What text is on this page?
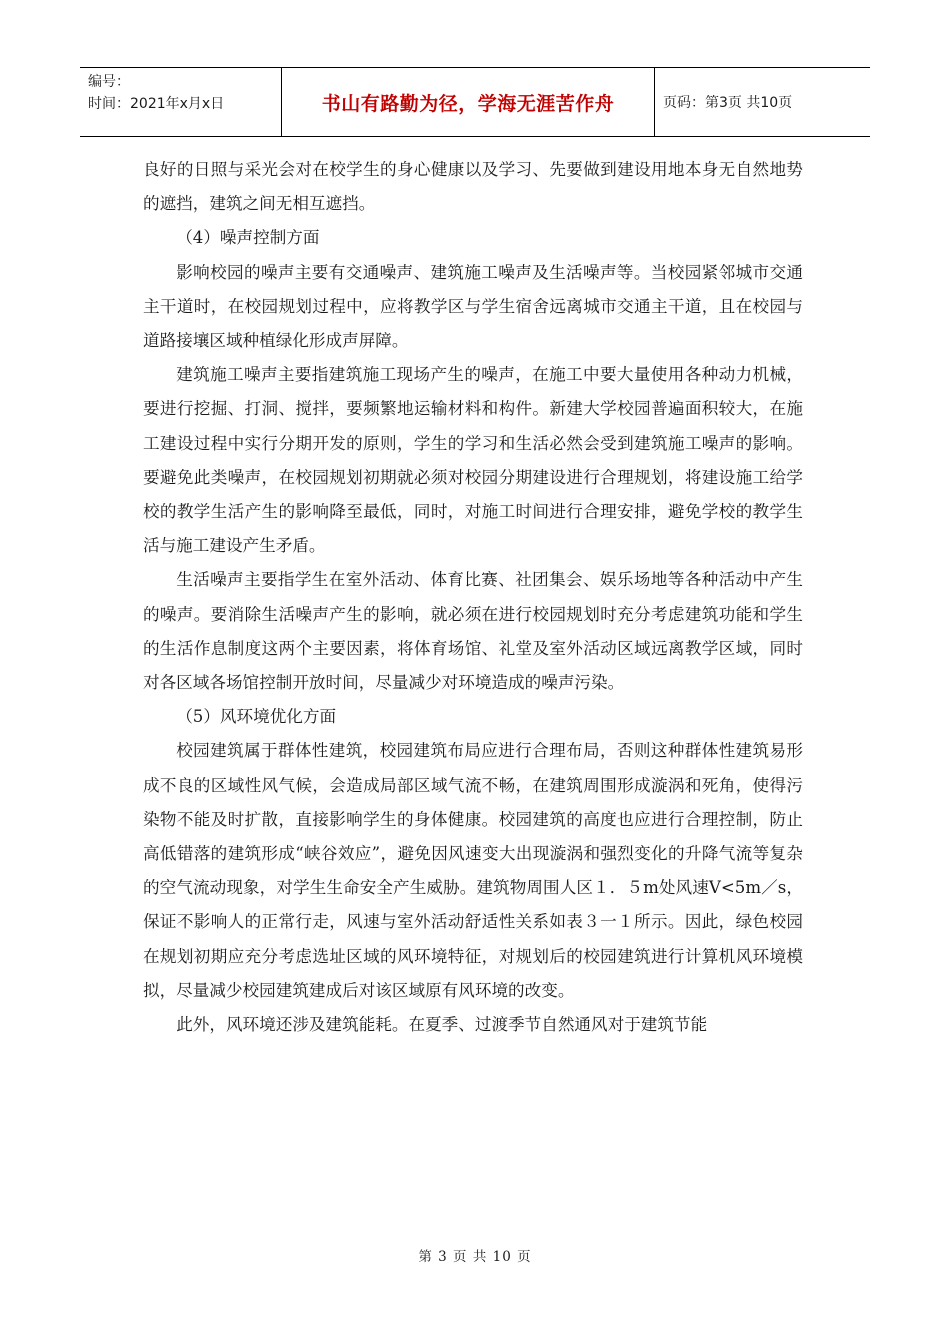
编号：
时间：2021年x月x日	书山有路勤为径，学海无涯苦作舟	页码：第3页 共10页

良好的日照与采光会对在校学生的身心健康以及学习、先要做到建设用地本身无自然地势的遮挡，建筑之间无相互遮挡。

（4）噪声控制方面

影响校园的噪声主要有交通噪声、建筑施工噪声及生活噪声等。当校园紧邻城市交通主干道时，在校园规划过程中，应将教学区与学生宿舍远离城市交通主干道，且在校园与道路接壤区域种植绿化形成声屏障。

建筑施工噪声主要指建筑施工现场产生的噪声，在施工中要大量使用各种动力机械，要进行挖掘、打洞、搅拌，要频繁地运输材料和构件。新建大学校园普遍面积较大，在施工建设过程中实行分期开发的原则，学生的学习和生活必然会受到建筑施工噪声的影响。要避免此类噪声，在校园规划初期就必须对校园分期建设进行合理规划，将建设施工给学校的教学生活产生的影响降至最低，同时，对施工时间进行合理安排，避免学校的教学生活与施工建设产生矛盾。

生活噪声主要指学生在室外活动、体育比赛、社团集会、娱乐场地等各种活动中产生的噪声。要消除生活噪声产生的影响，就必须在进行校园规划时充分考虑建筑功能和学生的生活作息制度这两个主要因素，将体育场馆、礼堂及室外活动区域远离教学区域，同时对各区域各场馆控制开放时间，尽量减少对环境造成的噪声污染。

（5）风环境优化方面

校园建筑属于群体性建筑，校园建筑布局应进行合理布局，否则这种群体性建筑易形成不良的区域性风气候，会造成局部区域气流不畅，在建筑周围形成漩涡和死角，使得污染物不能及时扩散，直接影响学生的身体健康。校园建筑的高度也应进行合理控制，防止高低错落的建筑形成“峡谷效应”，避免因风速变大出现漩涡和强烈变化的升降气流等复杂的空气流动现象，对学生生命安全产生威胁。建筑物周围人区１．５m处风速V<5m／s，保证不影响人的正常行走，风速与室外活动舒适性关系如表３一１所示。因此，绿色校园在规划初期应充分考虑选址区域的风环境特征，对规划后的校园建筑进行计算机风环境模拟，尽量减少校园建筑建成后对该区域原有风环境的改变。

此外，风环境还涉及建筑能耗。在夏季、过渡季节自然通风对于建筑节能

第 3 页 共 10 页
